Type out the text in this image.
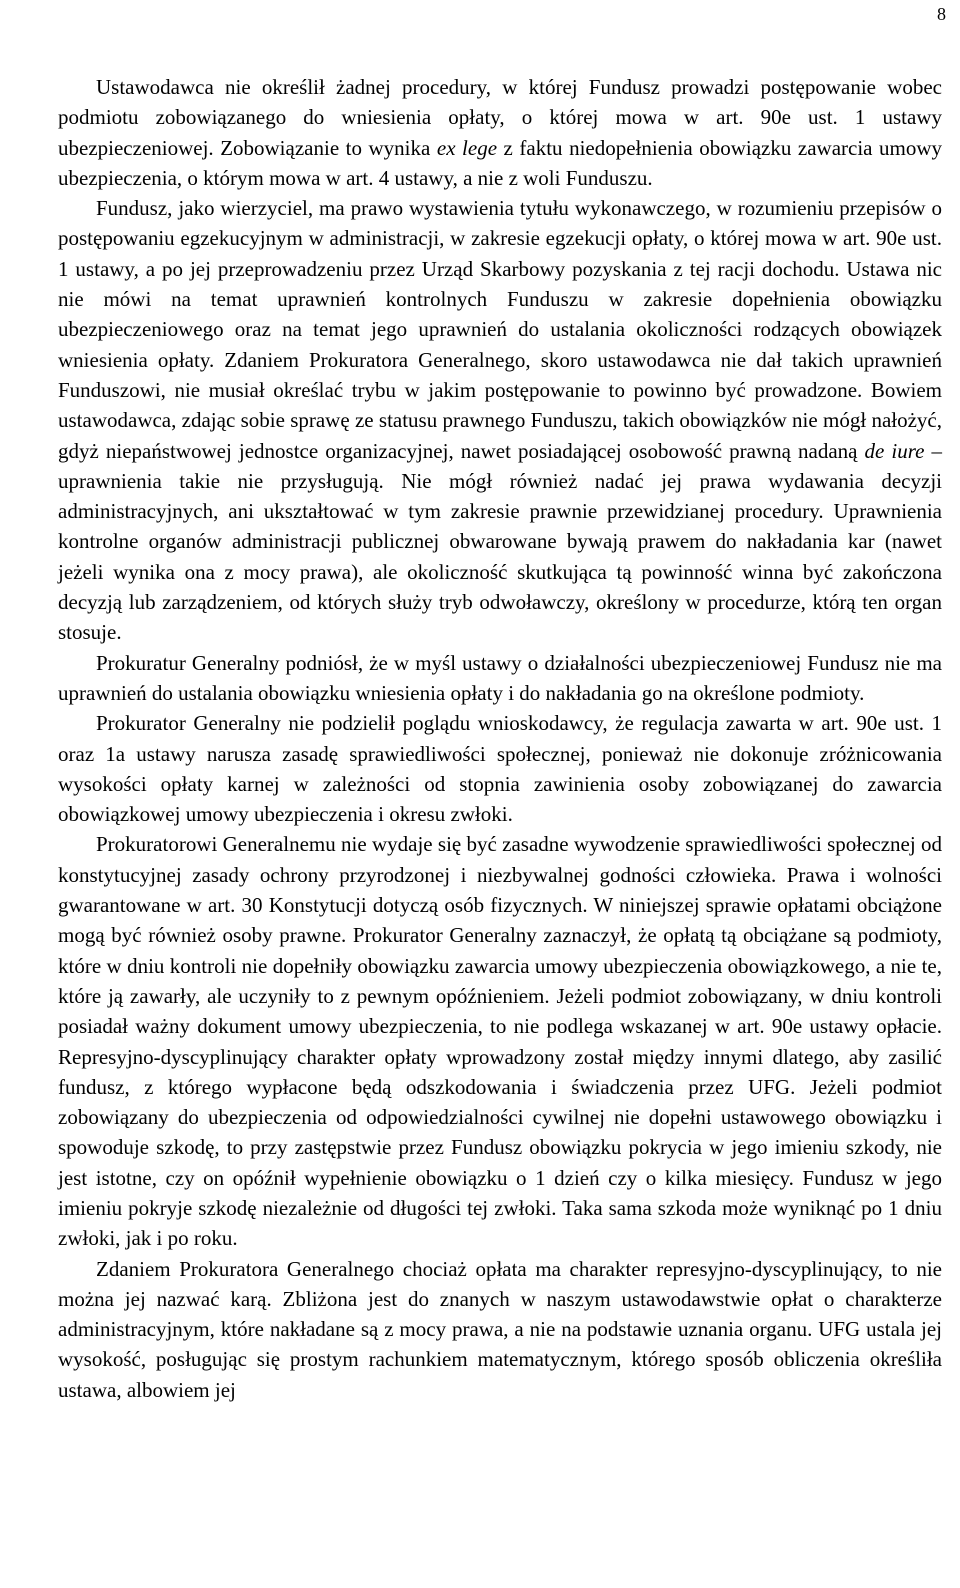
8

Ustawodawca nie określił żadnej procedury, w której Fundusz prowadzi postępowanie wobec podmiotu zobowiązanego do wniesienia opłaty, o której mowa w art. 90e ust. 1 ustawy ubezpieczeniowej. Zobowiązanie to wynika ex lege z faktu niedopełnienia obowiązku zawarcia umowy ubezpieczenia, o którym mowa w art. 4 ustawy, a nie z woli Funduszu.

Fundusz, jako wierzyciel, ma prawo wystawienia tytułu wykonawczego, w rozumieniu przepisów o postępowaniu egzekucyjnym w administracji, w zakresie egzekucji opłaty, o której mowa w art. 90e ust. 1 ustawy, a po jej przeprowadzeniu przez Urząd Skarbowy pozyskania z tej racji dochodu. Ustawa nic nie mówi na temat uprawnień kontrolnych Funduszu w zakresie dopełnienia obowiązku ubezpieczeniowego oraz na temat jego uprawnień do ustalania okoliczności rodzących obowiązek wniesienia opłaty. Zdaniem Prokuratora Generalnego, skoro ustawodawca nie dał takich uprawnień Funduszowi, nie musiał określać trybu w jakim postępowanie to powinno być prowadzone. Bowiem ustawodawca, zdając sobie sprawę ze statusu prawnego Funduszu, takich obowiązków nie mógł nałożyć, gdyż niepaństwowej jednostce organizacyjnej, nawet posiadającej osobowość prawną nadaną de iure – uprawnienia takie nie przysługują. Nie mógł również nadać jej prawa wydawania decyzji administracyjnych, ani ukształtować w tym zakresie prawnie przewidzianej procedury. Uprawnienia kontrolne organów administracji publicznej obwarowane bywają prawem do nakładania kar (nawet jeżeli wynika ona z mocy prawa), ale okoliczność skutkująca tą powinność winna być zakończona decyzją lub zarządzeniem, od których służy tryb odwoławczy, określony w procedurze, którą ten organ stosuje.

Prokuratur Generalny podniósł, że w myśl ustawy o działalności ubezpieczeniowej Fundusz nie ma uprawnień do ustalania obowiązku wniesienia opłaty i do nakładania go na określone podmioty.

Prokurator Generalny nie podzielił poglądu wnioskodawcy, że regulacja zawarta w art. 90e ust. 1 oraz 1a ustawy narusza zasadę sprawiedliwości społecznej, ponieważ nie dokonuje zróżnicowania wysokości opłaty karnej w zależności od stopnia zawinienia osoby zobowiązanej do zawarcia obowiązkowej umowy ubezpieczenia i okresu zwłoki.

Prokuratorowi Generalnemu nie wydaje się być zasadne wywodzenie sprawiedliwości społecznej od konstytucyjnej zasady ochrony przyrodzonej i niezbywalnej godności człowieka. Prawa i wolności gwarantowane w art. 30 Konstytucji dotyczą osób fizycznych. W niniejszej sprawie opłatami obciążone mogą być również osoby prawne. Prokurator Generalny zaznaczył, że opłatą tą obciążane są podmioty, które w dniu kontroli nie dopełniły obowiązku zawarcia umowy ubezpieczenia obowiązkowego, a nie te, które ją zawarły, ale uczyniły to z pewnym opóźnieniem. Jeżeli podmiot zobowiązany, w dniu kontroli posiadał ważny dokument umowy ubezpieczenia, to nie podlega wskazanej w art. 90e ustawy opłacie. Represyjno-dyscyplinujący charakter opłaty wprowadzony został między innymi dlatego, aby zasilić fundusz, z którego wypłacone będą odszkodowania i świadczenia przez UFG. Jeżeli podmiot zobowiązany do ubezpieczenia od odpowiedzialności cywilnej nie dopełni ustawowego obowiązku i spowoduje szkodę, to przy zastępstwie przez Fundusz obowiązku pokrycia w jego imieniu szkody, nie jest istotne, czy on opóźnił wypełnienie obowiązku o 1 dzień czy o kilka miesięcy. Fundusz w jego imieniu pokryje szkodę niezależnie od długości tej zwłoki. Taka sama szkoda może wyniknąć po 1 dniu zwłoki, jak i po roku.

Zdaniem Prokuratora Generalnego chociaż opłata ma charakter represyjno-dyscyplinujący, to nie można jej nazwać karą. Zbliżona jest do znanych w naszym ustawodawstwie opłat o charakterze administracyjnym, które nakładane są z mocy prawa, a nie na podstawie uznania organu. UFG ustala jej wysokość, posługując się prostym rachunkiem matematycznym, którego sposób obliczenia określiła ustawa, albowiem jej
